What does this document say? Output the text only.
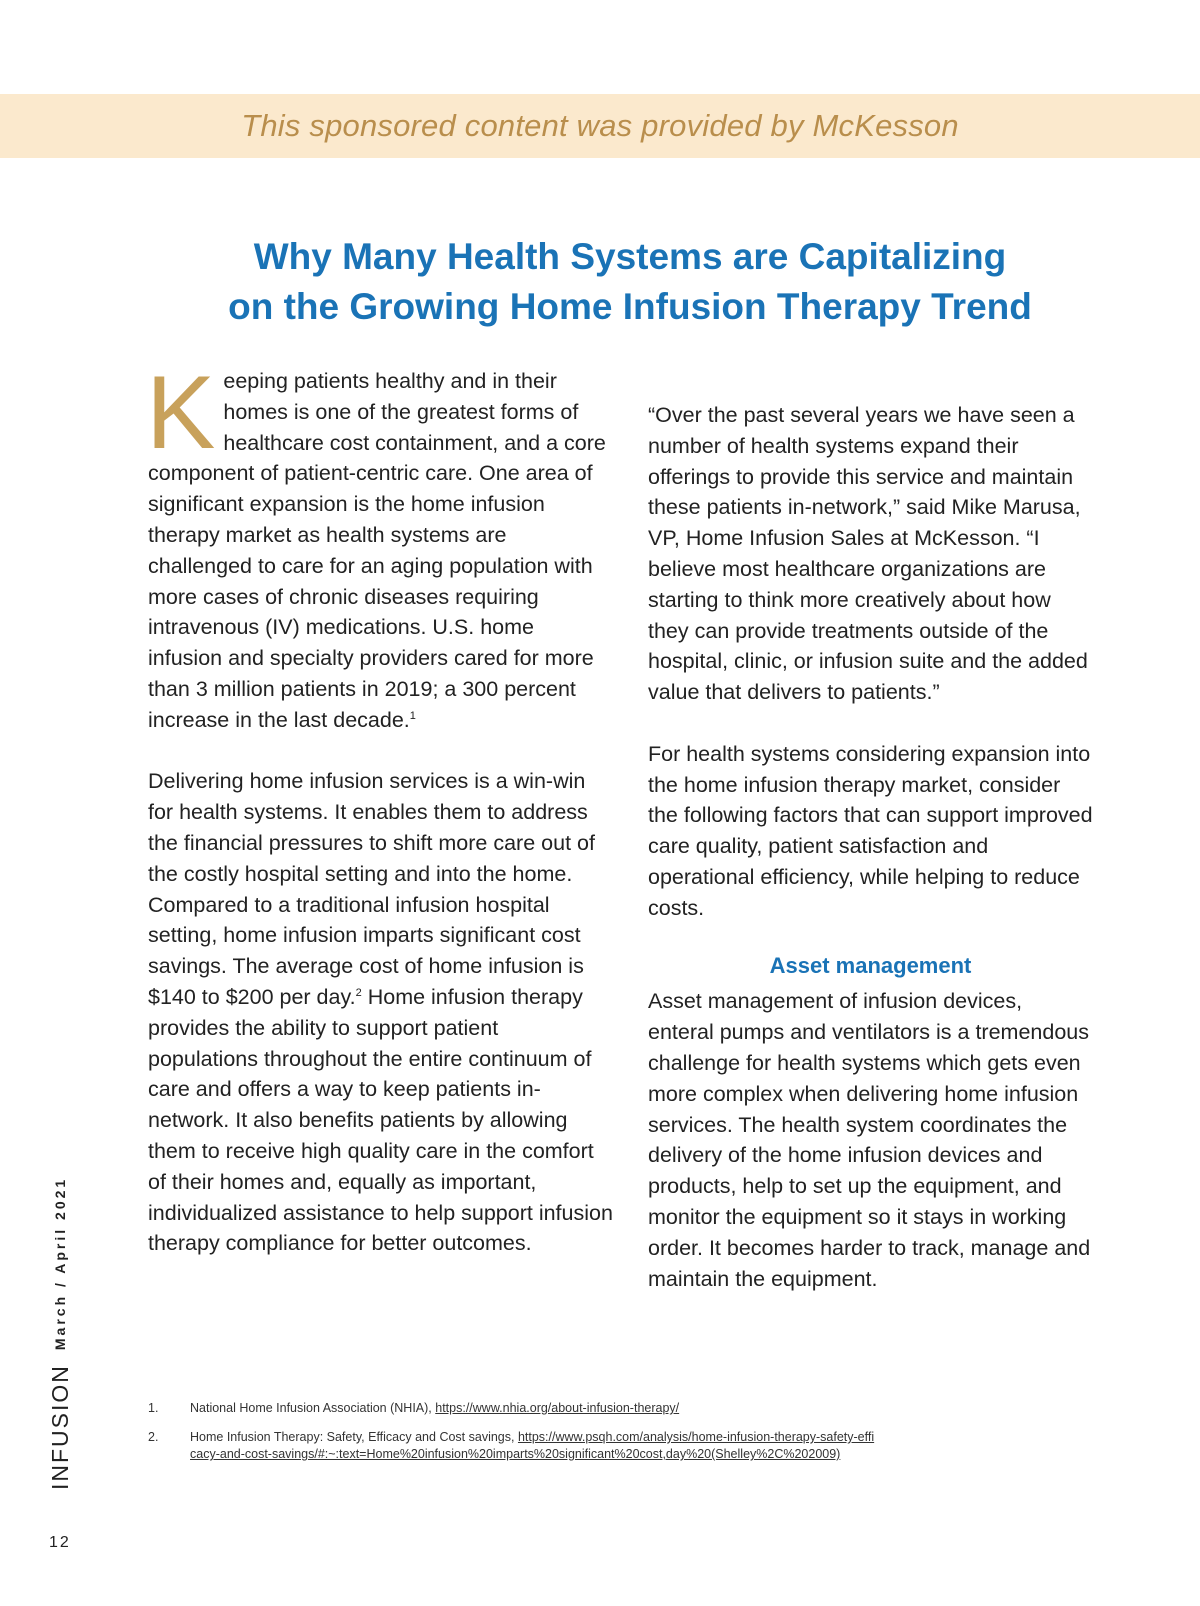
This sponsored content was provided by McKesson
Why Many Health Systems are Capitalizing
on the Growing Home Infusion Therapy Trend

Keeping patients healthy and in their homes is one of the greatest forms of healthcare cost containment, and a core component of patient-centric care. One area of significant expansion is the home infusion therapy market as health systems are challenged to care for an aging population with more cases of chronic diseases requiring intravenous (IV) medications. U.S. home infusion and specialty providers cared for more than 3 million patients in 2019; a 300 percent increase in the last decade.$^1$

Delivering home infusion services is a win-win for health systems. It enables them to address the financial pressures to shift more care out of the costly hospital setting and into the home. Compared to a traditional infusion hospital setting, home infusion imparts significant cost savings. The average cost of home infusion is $140 to $200 per day.$^2$ Home infusion therapy provides the ability to support patient populations throughout the entire continuum of care and offers a way to keep patients in-network. It also benefits patients by allowing them to receive high quality care in the comfort of their homes and, equally as important, individualized assistance to help support infusion therapy compliance for better outcomes.

“Over the past several years we have seen a number of health systems expand their offerings to provide this service and maintain these patients in-network,” said Mike Marusa, VP, Home Infusion Sales at McKesson. “I believe most healthcare organizations are starting to think more creatively about how they can provide treatments outside of the hospital, clinic, or infusion suite and the added value that delivers to patients.”

For health systems considering expansion into the home infusion therapy market, consider the following factors that can support improved care quality, patient satisfaction and operational efficiency, while helping to reduce costs.

Asset management

Asset management of infusion devices, enteral pumps and ventilators is a tremendous challenge for health systems which gets even more complex when delivering home infusion services. The health system coordinates the delivery of the home infusion devices and products, help to set up the equipment, and monitor the equipment so it stays in working order. It becomes harder to track, manage and maintain the equipment.

1.	National Home Infusion Association (NHIA), https://www.nhia.org/about-infusion-therapy/
2.	Home Infusion Therapy: Safety, Efficacy and Cost savings, https://www.psqh.com/analysis/home-infusion-therapy-safety-efficacy-and-cost-savings/#:~:text=Home%20infusion%20imparts%20significant%20cost,day%20(Shelley%2C%202009)
INFUSION
March / April 2021
12
